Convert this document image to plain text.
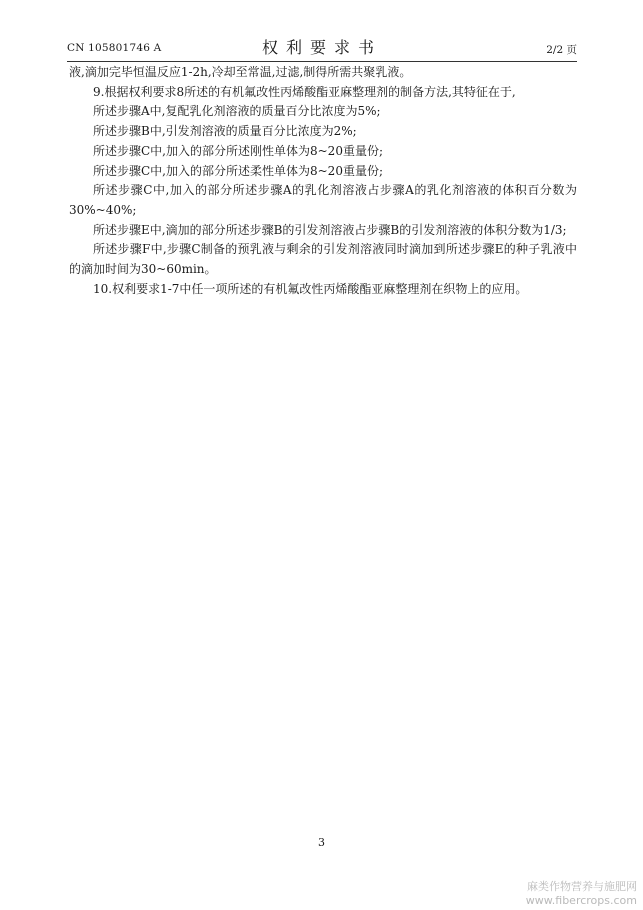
CN 105801746 A	权利要求书	2/2 页

液,滴加完毕恒温反应1-2h,冷却至常温,过滤,制得所需共聚乳液。

9.根据权利要求8所述的有机氟改性丙烯酸酯亚麻整理剂的制备方法,其特征在于,

所述步骤A中,复配乳化剂溶液的质量百分比浓度为5%;

所述步骤B中,引发剂溶液的质量百分比浓度为2%;

所述步骤C中,加入的部分所述刚性单体为8~20重量份;

所述步骤C中,加入的部分所述柔性单体为8~20重量份;

所述步骤C中,加入的部分所述步骤A的乳化剂溶液占步骤A的乳化剂溶液的体积百分数为30%~40%;

所述步骤E中,滴加的部分所述步骤B的引发剂溶液占步骤B的引发剂溶液的体积分数为1/3;

所述步骤F中,步骤C制备的预乳液与剩余的引发剂溶液同时滴加到所述步骤E的种子乳液中的滴加时间为30~60min。

10.权利要求1-7中任一项所述的有机氟改性丙烯酸酯亚麻整理剂在织物上的应用。

3
麻类作物营养与施肥网
www.fibercrops.com
